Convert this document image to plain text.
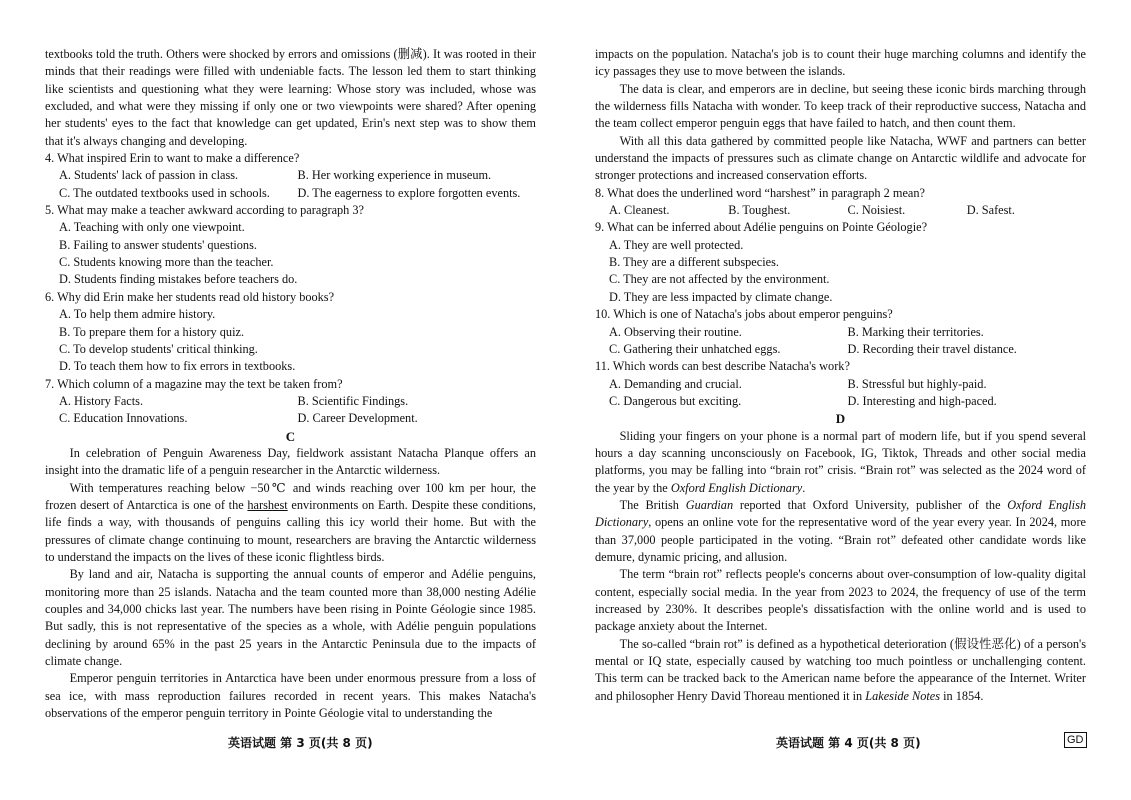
textbooks told the truth. Others were shocked by errors and omissions (删减). It was rooted in their minds that their readings were filled with undeniable facts. The lesson led them to start thinking like scientists and questioning what they were learning: Whose story was included, whose was excluded, and what were they missing if only one or two viewpoints were shared? After opening her students' eyes to the fact that knowledge can get updated, Erin's next step was to show them that it's always changing and developing.

4. What inspired Erin to want to make a difference?

A. Students' lack of passion in class.	B. Her working experience in museum.
C. The outdated textbooks used in schools.	D. The eagerness to explore forgotten events.

5. What may make a teacher awkward according to paragraph 3?

A. Teaching with only one viewpoint.
B. Failing to answer students' questions.
C. Students knowing more than the teacher.
D. Students finding mistakes before teachers do.

6. Why did Erin make her students read old history books?

A. To help them admire history.
B. To prepare them for a history quiz.
C. To develop students' critical thinking.
D. To teach them how to fix errors in textbooks.

7. Which column of a magazine may the text be taken from?

A. History Facts.	B. Scientific Findings.
C. Education Innovations.	D. Career Development.
C

In celebration of Penguin Awareness Day, fieldwork assistant Natacha Planque offers an insight into the dramatic life of a penguin researcher in the Antarctic wilderness.

With temperatures reaching below −50℃ and winds reaching over 100 km per hour, the frozen desert of Antarctica is one of the harshest environments on Earth. Despite these conditions, life finds a way, with thousands of penguins calling this icy world their home. But with the pressures of climate change continuing to mount, researchers are braving the Antarctic wilderness to understand the impacts on the lives of these iconic flightless birds.

By land and air, Natacha is supporting the annual counts of emperor and Adélie penguins, monitoring more than 25 islands. Natacha and the team counted more than 38,000 nesting Adélie couples and 34,000 chicks last year. The numbers have been rising in Pointe Géologie since 1985. But sadly, this is not representative of the species as a whole, with Adélie penguin populations declining by around 65% in the past 25 years in the Antarctic Peninsula due to the impacts of climate change.

Emperor penguin territories in Antarctica have been under enormous pressure from a loss of sea ice, with mass reproduction failures recorded in recent years. This makes Natacha's observations of the emperor penguin territory in Pointe Géologie vital to understanding the

英语试题 第 3 页(共 8 页)

impacts on the population. Natacha's job is to count their huge marching columns and identify the icy passages they use to move between the islands.

The data is clear, and emperors are in decline, but seeing these iconic birds marching through the wilderness fills Natacha with wonder. To keep track of their reproductive success, Natacha and the team collect emperor penguin eggs that have failed to hatch, and then count them.

With all this data gathered by committed people like Natacha, WWF and partners can better understand the impacts of pressures such as climate change on Antarctic wildlife and advocate for stronger protections and increased conservation efforts.

8. What does the underlined word “harshest” in paragraph 2 mean?

A. Cleanest.	B. Toughest.	C. Noisiest.	D. Safest.

9. What can be inferred about Adélie penguins on Pointe Géologie?

A. They are well protected.
B. They are a different subspecies.
C. They are not affected by the environment.
D. They are less impacted by climate change.

10. Which is one of Natacha's jobs about emperor penguins?

A. Observing their routine.	B. Marking their territories.
C. Gathering their unhatched eggs.	D. Recording their travel distance.

11. Which words can best describe Natacha's work?

A. Demanding and crucial.	B. Stressful but highly-paid.
C. Dangerous but exciting.	D. Interesting and high-paced.
D

Sliding your fingers on your phone is a normal part of modern life, but if you spend several hours a day scanning unconsciously on Facebook, IG, Tiktok, Threads and other social media platforms, you may be falling into “brain rot” crisis. “Brain rot” was selected as the 2024 word of the year by the Oxford English Dictionary.

The British Guardian reported that Oxford University, publisher of the Oxford English Dictionary, opens an online vote for the representative word of the year every year. In 2024, more than 37,000 people participated in the voting. “Brain rot” defeated other candidate words like demure, dynamic pricing, and allusion.

The term “brain rot” reflects people's concerns about over-consumption of low-quality digital content, especially social media. In the year from 2023 to 2024, the frequency of use of the term increased by 230%. It describes people's dissatisfaction with the online world and is used to package anxiety about the Internet.

The so-called “brain rot” is defined as a hypothetical deterioration (假设性恶化) of a person's mental or IQ state, especially caused by watching too much pointless or unchallenging content. This term can be tracked back to the American name before the appearance of the Internet. Writer and philosopher Henry David Thoreau mentioned it in Lakeside Notes in 1854.

英语试题 第 4 页(共 8 页)	GD
